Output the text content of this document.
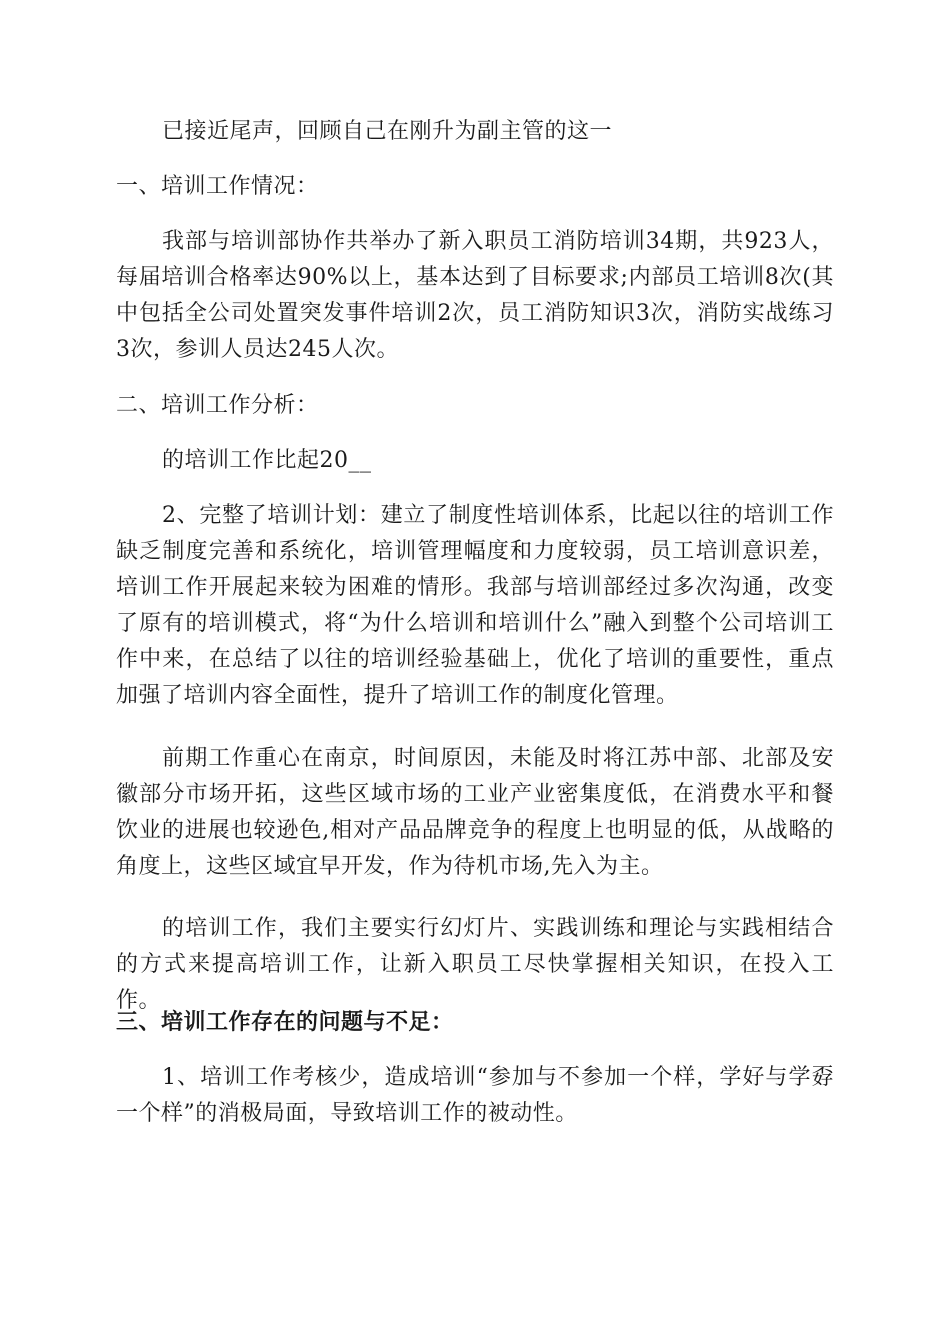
已接近尾声，回顾自己在刚升为副主管的这一

一、培训工作情况：

我部与培训部协作共举办了新入职员工消防培训34期，共923人，每届培训合格率达90%以上，基本达到了目标要求;内部员工培训8次(其中包括全公司处置突发事件培训2次，员工消防知识3次，消防实战练习3次，参训人员达245人次。

二、培训工作分析：

的培训工作比起20__

2、完整了培训计划：建立了制度性培训体系，比起以往的培训工作缺乏制度完善和系统化，培训管理幅度和力度较弱，员工培训意识差，培训工作开展起来较为困难的情形。我部与培训部经过多次沟通，改变了原有的培训模式，将“为什么培训和培训什么”融入到整个公司培训工作中来，在总结了以往的培训经验基础上，优化了培训的重要性，重点加强了培训内容全面性，提升了培训工作的制度化管理。

前期工作重心在南京，时间原因，未能及时将江苏中部、北部及安徽部分市场开拓，这些区域市场的工业产业密集度低，在消费水平和餐饮业的进展也较逊色,相对产品品牌竞争的程度上也明显的低，从战略的角度上，这些区域宜早开发，作为待机市场,先入为主。

的培训工作，我们主要实行幻灯片、实践训练和理论与实践相结合的方式来提高培训工作，让新入职员工尽快掌握相关知识，在投入工作。

三、培训工作存在的问题与不足：

1、培训工作考核少，造成培训“参加与不参加一个样，学好与学孬一个样”的消极局面，导致培训工作的被动性。
